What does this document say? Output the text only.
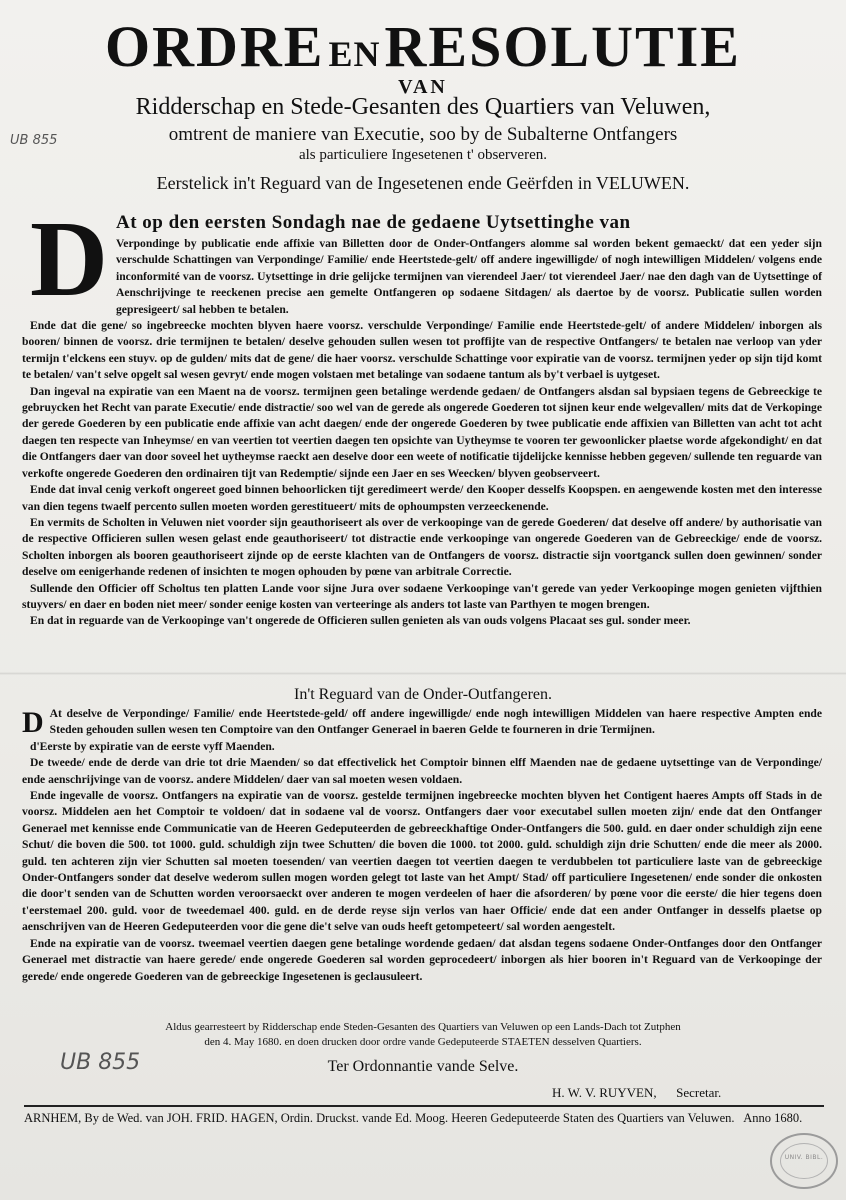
ORDRE EN RESOLUTIE
VAN
Ridderschap en Stede-Gesanten des Quartiers van Veluwen,
omtrent de maniere van Executie, soo by de Subalterne Ontfangers
als particuliere Ingesetenen t' observeren.
Eerstelick in't Reguard van de Ingesetenen ende Geërfden in VELUWEN.
UB 855
D At op den eersten Sondagh nae de gedaene Uytsettinghe van

Verpondinge by publicatie ende affixie van Billetten door de Onder-Ontfangers alomme sal worden bekent gemaeckt/ dat een yeder sijn verschulde Schattingen van Verpondinge/ Familie/ ende Heertstede-gelt/ off andere ingewilligde/ of nogh intewilligen Middelen/ volgens ende inconformité van de voorsz. Uytsettinge in drie gelijcke termijnen van vierendeel Jaer/ tot vierendeel Jaer/ nae den dagh van de Uytsettinge of Aenschrijvinge te reeckenen precise aen gemelte Ontfangeren op sodaene Sitdagen/ als daertoe by de voorsz. Publicatie sullen worden gepresigeert/ sal hebben te betalen.

Ende dat die gene/ so ingebreecke mochten blyven haere voorsz. verschulde Verpondinge/ Familie ende Heertstede-gelt/ of andere Middelen/ inborgen als booren/ binnen de voorsz. drie termijnen te betalen/ deselve gehouden sullen wesen tot proffijte van de respective Ontfangers/ te betalen nae verloop van yder termijn t'elckens een stuyv. op de gulden/ mits dat de gene/ die haer voorsz. verschulde Schattinge voor expiratie van de voorsz. termijnen yeder op sijn tijd komt te betalen/ van't selve opgelt sal wesen gevryt/ ende mogen volstaen met betalinge van sodaene tantum als by't verbael is uytgeset.

Dan ingeval na expiratie van een Maent na de voorsz. termijnen geen betalinge werdende gedaen/ de Ontfangers alsdan sal bypsiaen tegens de Gebreeckige te gebruycken het Recht van parate Executie/ ende distractie/ soo wel van de gerede als ongerede Goederen tot sijnen keur ende welgevallen/ mits dat de Verkopinge der gerede Goederen by een publicatie ende affixie van acht daegen/ ende der ongerede Goederen by twee publicatie ende affixien van Billetten van acht tot acht daegen ten respecte van Inheymse/ en van veertien tot veertien daegen ten opsichte van Uytheymse te vooren ter gewoonlicker plaetse worde afgekondight/ en dat die Ontfangers daer van door soveel het uytheymse raeckt aen deselve door een weete of notificatie tijdelijcke kennisse hebben gegeven/ sullende ten reguarde van verkofte ongerede Goederen den ordinairen tijt van Redemptie/ sijnde een Jaer en ses Weecken/ blyven geobserveert.

Ende dat inval cenig verkoft ongereet goed binnen behoorlicken tijt geredimeert werde/ den Kooper desselfs Koopspen. en aengewende kosten met den interesse van dien tegens twaelf percento sullen moeten worden gerestitueert/ mits de ophoumpsten verzeeckenende.

En vermits de Scholten in Veluwen niet voorder sijn geauthoriseert als over de verkoopinge van de gerede Goederen/ dat deselve off andere/ by authorisatie van de respective Officieren sullen wesen gelast ende geauthoriseert/ tot distractie ende verkoopinge van ongerede Goederen van de Gebreeckige/ ende de voorsz. Scholten inborgen als booren geauthoriseert zijnde op de eerste klachten van de Ontfangers de voorsz. distractie sijn voortganck sullen doen gewinnen/ sonder deselve om eenigerhande redenen of insichten te mogen ophouden by pœne van arbitrale Correctie.

Sullende den Officier off Scholtus ten platten Lande voor sijne Jura over sodaene Verkoopinge van't gerede van yeder Verkoopinge mogen genieten vijfthien stuyvers/ en daer en boden niet meer/ sonder eenige kosten van verteeringe als anders tot laste van Parthyen te mogen brengen.

En dat in reguarde van de Verkoopinge van't ongerede de Officieren sullen genieten als van ouds volgens Placaat ses gul. sonder meer.

In't Reguard van de Onder-Outfangeren.
D At deselve de Verpondinge/ Familie/ ende Heertstede-geld/ off andere ingewilligde/ ende nogh intewilligen Middelen van haere respective Ampten ende Steden gehouden sullen wesen ten Comptoire van den Ontfanger Generael in baeren Gelde te fourneren in drie Termijnen.

d'Eerste by expiratie van de eerste vyff Maenden.

De tweede/ ende de derde van drie tot drie Maenden/ so dat effectivelick het Comptoir binnen elff Maenden nae de gedaene uytsettinge van de Verpondinge/ ende aenschrijvinge van de voorsz. andere Middelen/ daer van sal moeten wesen voldaen.

Ende ingevalle de voorsz. Ontfangers na expiratie van de voorsz. gestelde termijnen ingebreecke mochten blyven het Contigent haeres Ampts off Stads in de voorsz. Middelen aen het Comptoir te voldoen/ dat in sodaene val de voorsz. Ontfangers daer voor executabel sullen moeten zijn/ ende dat den Ontfanger Generael met kennisse ende Communicatie van de Heeren Gedeputeerden de gebreeckhaftige Onder-Ontfangers die 500. guld. en daer onder schuldigh zijn eene Schut/ die boven die 500. tot 1000. guld. schuldigh zijn twee Schutten/ die boven die 1000. tot 2000. guld. schuldigh zijn drie Schutten/ ende die meer als 2000. guld. ten achteren zijn vier Schutten sal moeten toesenden/ van veertien daegen tot veertien daegen te verdubbelen tot particuliere laste van de gebreeckige Onder-Ontfangers sonder dat deselve wederom sullen mogen worden gelegt tot laste van het Ampt/ Stad/ off particuliere Ingesetenen/ ende sonder die onkosten die door't senden van de Schutten worden veroorsaeckt over anderen te mogen verdeelen of haer die afsorderen/ by pœne voor die eerste/ die hier tegens doen t'eerstemael 200. guld. voor de tweedemael 400. guld. en de derde reyse sijn verlos van haer Officie/ ende dat een ander Ontfanger in desselfs plaetse op aenschrijven van de Heeren Gedeputeerden voor die gene die't selve van ouds heeft getompeteert/ sal worden aengestelt.

Ende na expiratie van de voorsz. tweemael veertien daegen gene betalinge wordende gedaen/ dat alsdan tegens sodaene Onder-Ontfanges door den Ontfanger Generael met distractie van haere gerede/ ende ongerede Goederen sal worden geprocedeert/ inborgen als hier booren in't Reguard van de Verkoopinge der gerede/ ende ongerede Goederen van de gebreeckige Ingesetenen is geclausuleert.

Aldus gearresteert by Ridderschap ende Steden-Gesanten des Quartiers van Veluwen op een Lands-Dach tot Zutphen
den 4. May 1680. en doen drucken door ordre vande Gedeputeerde STAETEN desselven Quartiers.
UB 855	Ter Ordonnantie vande Selve.
H. W. V. RUYVEN, Secretar.
ARNHEM, By de Wed. van JOH. FRID. HAGEN, Ordin. Druckst. vande Ed. Moog. Heeren Gedeputeerde Staten des Quartiers van Veluwen. Anno 1680.
UNIV. BIBL.
